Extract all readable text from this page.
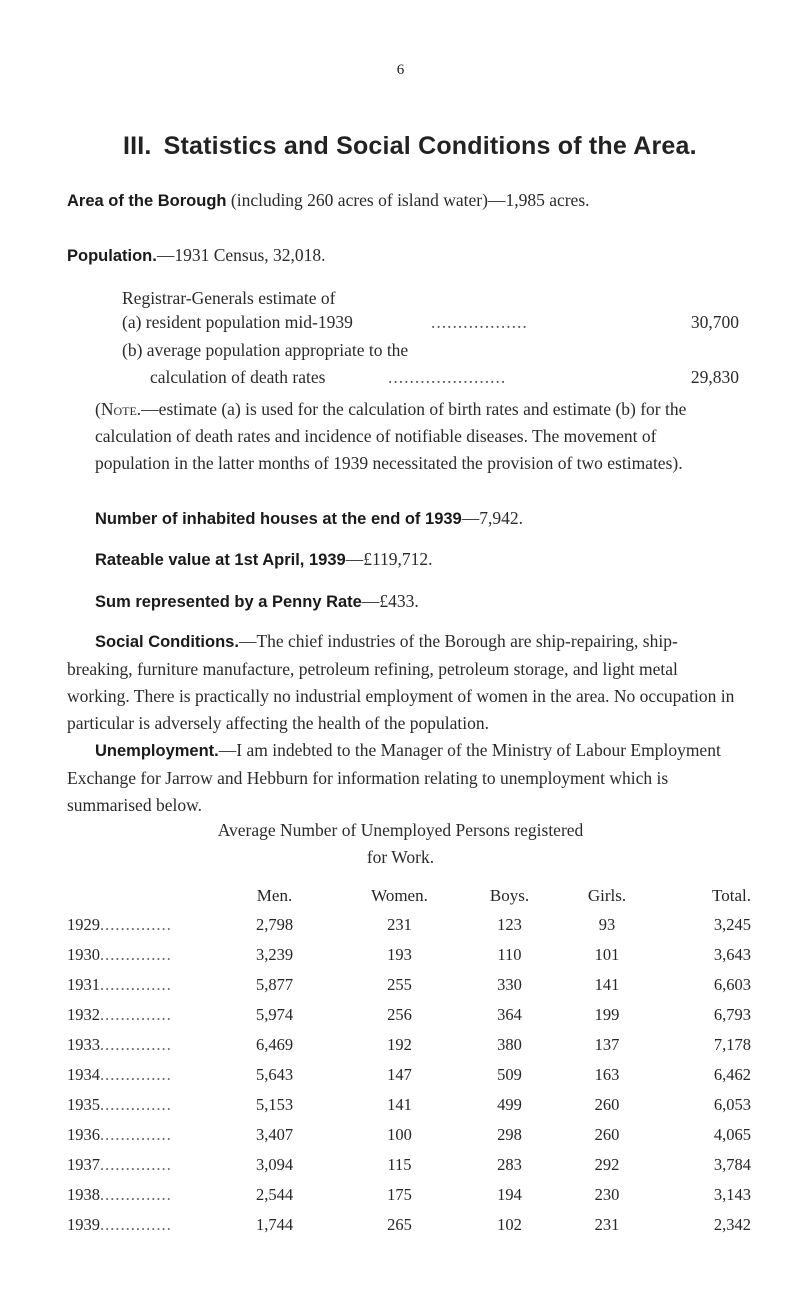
6
III. Statistics and Social Conditions of the Area.
Area of the Borough (including 260 acres of island water)—1,985 acres.
Population.—1931 Census, 32,018.
Registrar-Generals estimate of
(a) resident population mid-1939	..................	30,700
(b) average population appropriate to the
calculation of death rates	......................	29,830
(Note.—estimate (a) is used for the calculation of birth rates and estimate (b) for the calculation of death rates and incidence of notifiable diseases. The movement of population in the latter months of 1939 necessitated the provision of two estimates).
Number of inhabited houses at the end of 1939—7,942.
Rateable value at 1st April, 1939—£119,712.
Sum represented by a Penny Rate—£433.
Social Conditions.—The chief industries of the Borough are ship-repairing, ship-breaking, furniture manufacture, petroleum refining, petroleum storage, and light metal working. There is practically no industrial employment of women in the area. No occupation in particular is adversely affecting the health of the population.
Unemployment.—I am indebted to the Manager of the Ministry of Labour Employment Exchange for Jarrow and Hebburn for information relating to unemployment which is summarised below.
Average Number of Unemployed Persons registered
for Work.
	Men.	Women.	Boys.	Girls.	Total.
1929..............	2,798	231	123	93	3,245
1930..............	3,239	193	110	101	3,643
1931..............	5,877	255	330	141	6,603
1932..............	5,974	256	364	199	6,793
1933..............	6,469	192	380	137	7,178
1934..............	5,643	147	509	163	6,462
1935..............	5,153	141	499	260	6,053
1936..............	3,407	100	298	260	4,065
1937..............	3,094	115	283	292	3,784
1938..............	2,544	175	194	230	3,143
1939..............	1,744	265	102	231	2,342
